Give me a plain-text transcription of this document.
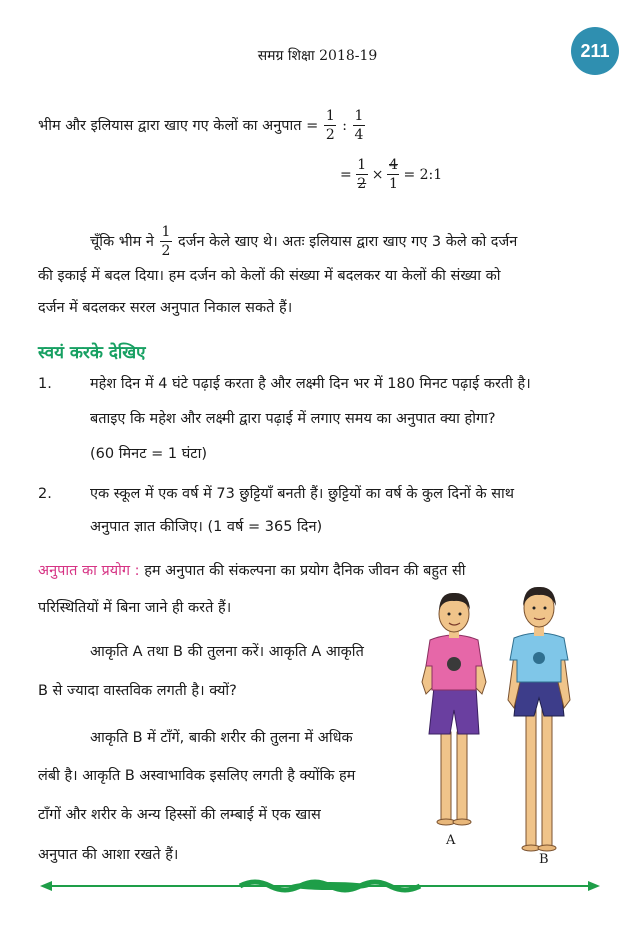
समग्र शिक्षा 2018-19	211
भीम और इलियास द्वारा खाए गए केलों का अनुपात = $\frac{1}{2}$ : $\frac{1}{4}$
= $\frac{1}{2} \times \frac{4}{1}$ = 2:1
चूँकि भीम ने $\frac{1}{2}$ दर्जन केले खाए थे। अतः इलियास द्वारा खाए गए 3 केले को दर्जन
की इकाई में बदल दिया। हम दर्जन को केलों की संख्या में बदलकर या केलों की संख्या को
दर्जन में बदलकर सरल अनुपात निकाल सकते हैं।
स्वयं करके देखिए
1.	महेश दिन में 4 घंटे पढ़ाई करता है और लक्ष्मी दिन भर में 180 मिनट पढ़ाई करती है।
बताइए कि महेश और लक्ष्मी द्वारा पढ़ाई में लगाए समय का अनुपात क्या होगा?
(60 मिनट = 1 घंटा)
2.	एक स्कूल में एक वर्ष में 73 छुट्टियाँ बनती हैं। छुट्टियों का वर्ष के कुल दिनों के साथ
अनुपात ज्ञात कीजिए। (1 वर्ष = 365 दिन)
अनुपात का प्रयोग : हम अनुपात की संकल्पना का प्रयोग दैनिक जीवन की बहुत सी
परिस्थितियों में बिना जाने ही करते हैं।
आकृति A तथा B की तुलना करें। आकृति A आकृति
B से ज्यादा वास्तविक लगती है। क्यों?
आकृति B में टाँगें, बाकी शरीर की तुलना में अधिक
लंबी है। आकृति B अस्वाभाविक इसलिए लगती है क्योंकि हम
टाँगों और शरीर के अन्य हिस्सों की लम्बाई में एक खास
अनुपात की आशा रखते हैं।
A
B
